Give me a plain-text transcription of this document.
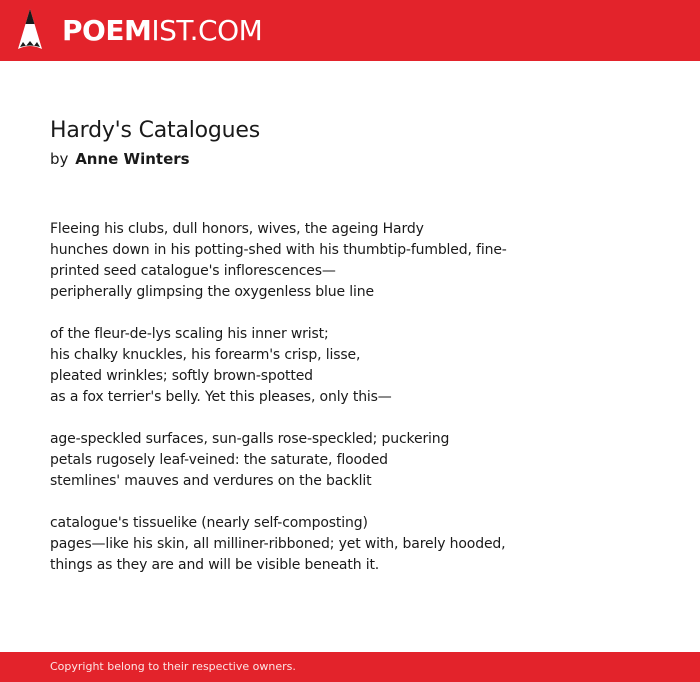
POEMIST.COM
Hardy's Catalogues
by Anne Winters
Fleeing his clubs, dull honors, wives, the ageing Hardy
hunches down in his potting-shed with his thumbtip-fumbled, fine-
printed seed catalogue's inflorescences—
peripherally glimpsing the oxygenless blue line
of the fleur-de-lys scaling his inner wrist;
his chalky knuckles, his forearm's crisp, lisse,
pleated wrinkles; softly brown-spotted
as a fox terrier's belly. Yet this pleases, only this—
age-speckled surfaces, sun-galls rose-speckled; puckering
petals rugosely leaf-veined: the saturate, flooded
stemlines' mauves and verdures on the backlit
catalogue's tissuelike (nearly self-composting)
pages—like his skin, all milliner-ribboned; yet with, barely hooded,
things as they are and will be visible beneath it.
Copyright belong to their respective owners.
